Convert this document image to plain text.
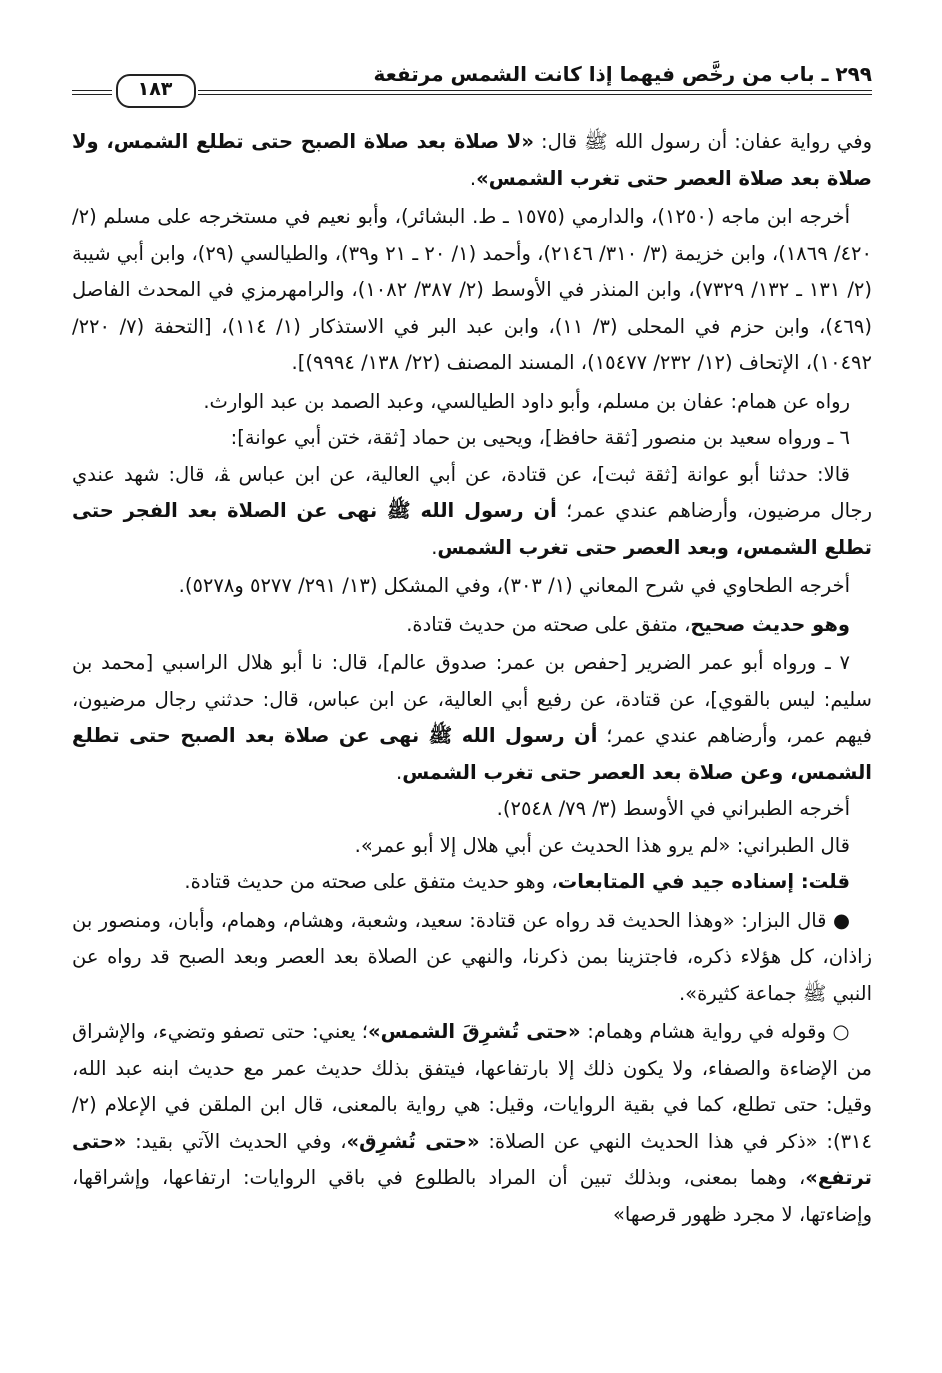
٢٩٩ ـ باب من رخَّص فيهما إذا كانت الشمس مرتفعة
١٨٣

وفي رواية عفان: أن رسول الله ﷺ قال: «لا صلاة بعد صلاة الصبح حتى تطلع الشمس، ولا صلاة بعد صلاة العصر حتى تغرب الشمس».

أخرجه ابن ماجه (١٢٥٠)، والدارمي (١٥٧٥ ـ ط. البشائر)، وأبو نعيم في مستخرجه على مسلم (٢/ ٤٢٠/ ١٨٦٩)، وابن خزيمة (٣/ ٣١٠/ ٢١٤٦)، وأحمد (١/ ٢٠ ـ ٢١ و٣٩)، والطيالسي (٢٩)، وابن أبي شيبة (٢/ ١٣١ ـ ١٣٢/ ٧٣٢٩)، وابن المنذر في الأوسط (٢/ ٣٨٧/ ١٠٨٢)، والرامهرمزي في المحدث الفاصل (٤٦٩)، وابن حزم في المحلى (٣/ ١١)، وابن عبد البر في الاستذكار (١/ ١١٤)، [التحفة (٧/ ٢٢٠/ ١٠٤٩٢)، الإتحاف (١٢/ ٢٣٢/ ١٥٤٧٧)، المسند المصنف (٢٢/ ١٣٨/ ٩٩٩٤)].

رواه عن همام: عفان بن مسلم، وأبو داود الطيالسي، وعبد الصمد بن عبد الوارث.

٦ ـ ورواه سعيد بن منصور [ثقة حافظ]، ويحيى بن حماد [ثقة، ختن أبي عوانة]:

قالا: حدثنا أبو عوانة [ثقة ثبت]، عن قتادة، عن أبي العالية، عن ابن عباس ﭭ، قال: شهد عندي رجال مرضيون، وأرضاهم عندي عمر؛ أن رسول الله ﷺ نهى عن الصلاة بعد الفجر حتى تطلع الشمس، وبعد العصر حتى تغرب الشمس.

أخرجه الطحاوي في شرح المعاني (١/ ٣٠٣)، وفي المشكل (١٣/ ٢٩١/ ٥٢٧٧ و٥٢٧٨).

وهو حديث صحيح، متفق على صحته من حديث قتادة.

٧ ـ ورواه أبو عمر الضرير [حفص بن عمر: صدوق عالم]، قال: نا أبو هلال الراسبي [محمد بن سليم: ليس بالقوي]، عن قتادة، عن رفيع أبي العالية، عن ابن عباس، قال: حدثني رجال مرضيون، فيهم عمر، وأرضاهم عندي عمر؛ أن رسول الله ﷺ نهى عن صلاة بعد الصبح حتى تطلع الشمس، وعن صلاة بعد العصر حتى تغرب الشمس.

أخرجه الطبراني في الأوسط (٣/ ٧٩/ ٢٥٤٨).

قال الطبراني: «لم يرو هذا الحديث عن أبي هلال إلا أبو عمر».

قلت: إسناده جيد في المتابعات، وهو حديث متفق على صحته من حديث قتادة.

● قال البزار: «وهذا الحديث قد رواه عن قتادة: سعيد، وشعبة، وهشام، وهمام، وأبان، ومنصور بن زاذان، كل هؤلاء ذكره، فاجتزينا بمن ذكرنا، والنهي عن الصلاة بعد العصر وبعد الصبح قد رواه عن النبي ﷺ جماعة كثيرة».

○ وقوله في رواية هشام وهمام: «حتى تُشرِقَ الشمس»؛ يعني: حتى تصفو وتضيء، والإشراق من الإضاءة والصفاء، ولا يكون ذلك إلا بارتفاعها، فيتفق بذلك حديث عمر مع حديث ابنه عبد الله، وقيل: حتى تطلع، كما في بقية الروايات، وقيل: هي رواية بالمعنى، قال ابن الملقن في الإعلام (٢/ ٣١٤): «ذكر في هذا الحديث النهي عن الصلاة: «حتى تُشرِق»، وفي الحديث الآتي بقيد: «حتى ترتفع»، وهما بمعنى، وبذلك تبين أن المراد بالطلوع في باقي الروايات: ارتفاعها، وإشراقها، وإضاءتها، لا مجرد ظهور قرصها»
